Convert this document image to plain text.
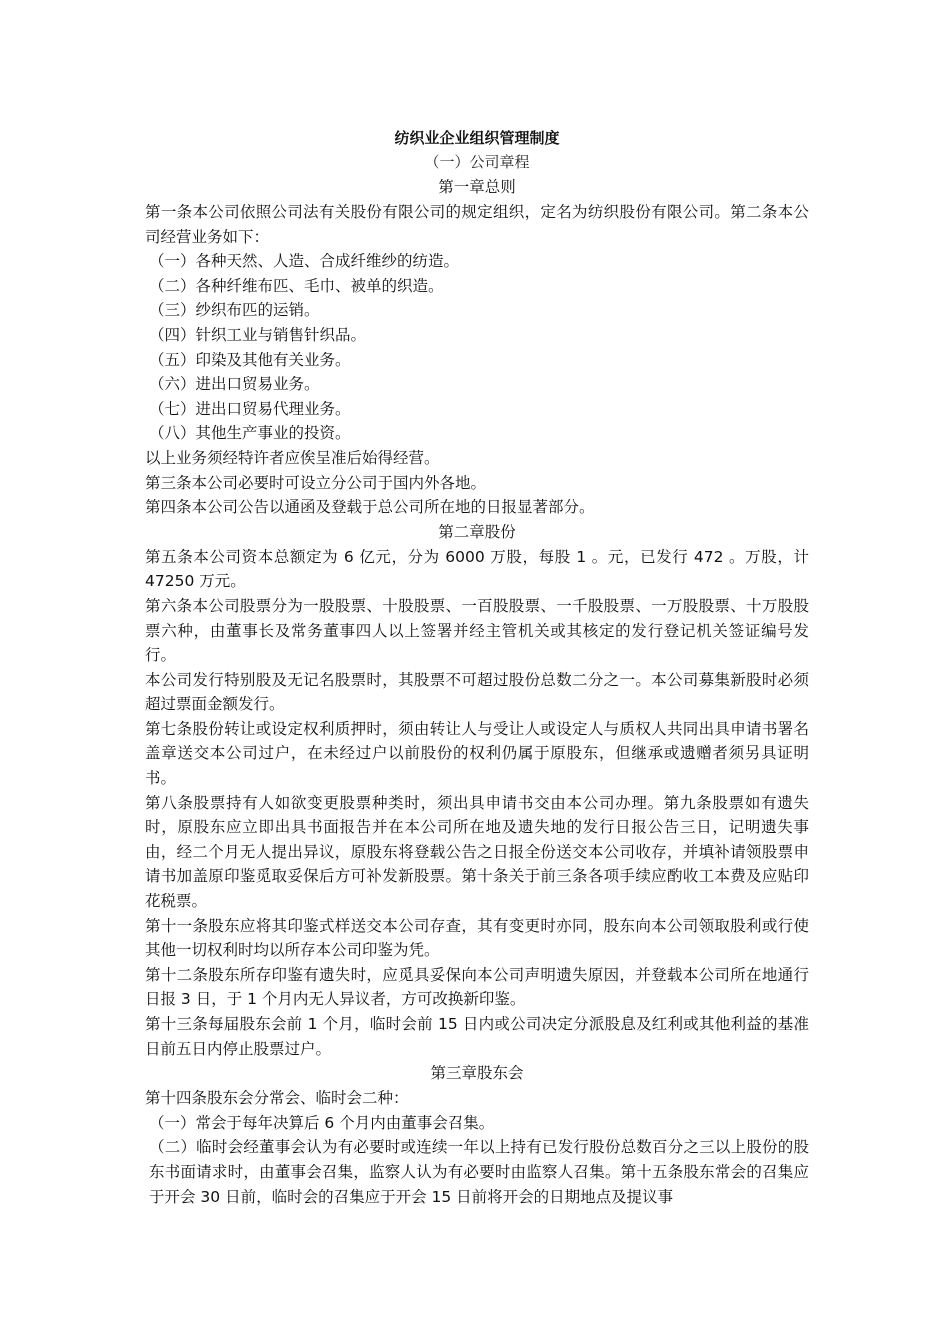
纺织业企业组织管理制度
（一）公司章程
第一章总则
第一条本公司依照公司法有关股份有限公司的规定组织，定名为纺织股份有限公司。第二条本公司经营业务如下：
（一）各种天然、人造、合成纤维纱的纺造。
（二）各种纤维布匹、毛巾、被单的织造。
（三）纱织布匹的运销。
（四）针织工业与销售针织品。
（五）印染及其他有关业务。
（六）进出口贸易业务。
（七）进出口贸易代理业务。
（八）其他生产事业的投资。
以上业务须经特许者应俟呈准后始得经营。
第三条本公司必要时可设立分公司于国内外各地。
第四条本公司公告以通函及登载于总公司所在地的日报显著部分。
第二章股份
第五条本公司资本总额定为 6 亿元，分为 6000 万股，每股 1 。元，已发行 472 。万股，计 47250 万元。
第六条本公司股票分为一股股票、十股股票、一百股股票、一千股股票、一万股股票、十万股股票六种，由董事长及常务董事四人以上签署并经主管机关或其核定的发行登记机关签证编号发行。
本公司发行特别股及无记名股票时，其股票不可超过股份总数二分之一。本公司募集新股时必须超过票面金额发行。
第七条股份转让或设定权利质押时，须由转让人与受让人或设定人与质权人共同出具申请书署名盖章送交本公司过户，在未经过户以前股份的权利仍属于原股东，但继承或遗赠者须另具证明书。
第八条股票持有人如欲变更股票种类时，须出具申请书交由本公司办理。第九条股票如有遗失时，原股东应立即出具书面报告并在本公司所在地及遗失地的发行日报公告三日，记明遗失事由，经二个月无人提出异议，原股东将登载公告之日报全份送交本公司收存，并填补请领股票申请书加盖原印鉴觅取妥保后方可补发新股票。第十条关于前三条各项手续应酌收工本费及应贴印花税票。
第十一条股东应将其印鉴式样送交本公司存查，其有变更时亦同，股东向本公司领取股利或行使其他一切权利时均以所存本公司印鉴为凭。
第十二条股东所存印鉴有遗失时，应觅具妥保向本公司声明遗失原因，并登载本公司所在地通行日报 3 日，于 1 个月内无人异议者，方可改换新印鉴。
第十三条每届股东会前 1 个月，临时会前 15 日内或公司决定分派股息及红利或其他利益的基准日前五日内停止股票过户。
第三章股东会
第十四条股东会分常会、临时会二种：
（一）常会于每年决算后 6 个月内由董事会召集。
（二）临时会经董事会认为有必要时或连续一年以上持有已发行股份总数百分之三以上股份的股东书面请求时，由董事会召集，监察人认为有必要时由监察人召集。第十五条股东常会的召集应于开会 30 日前，临时会的召集应于开会 15 日前将开会的日期地点及提议事
